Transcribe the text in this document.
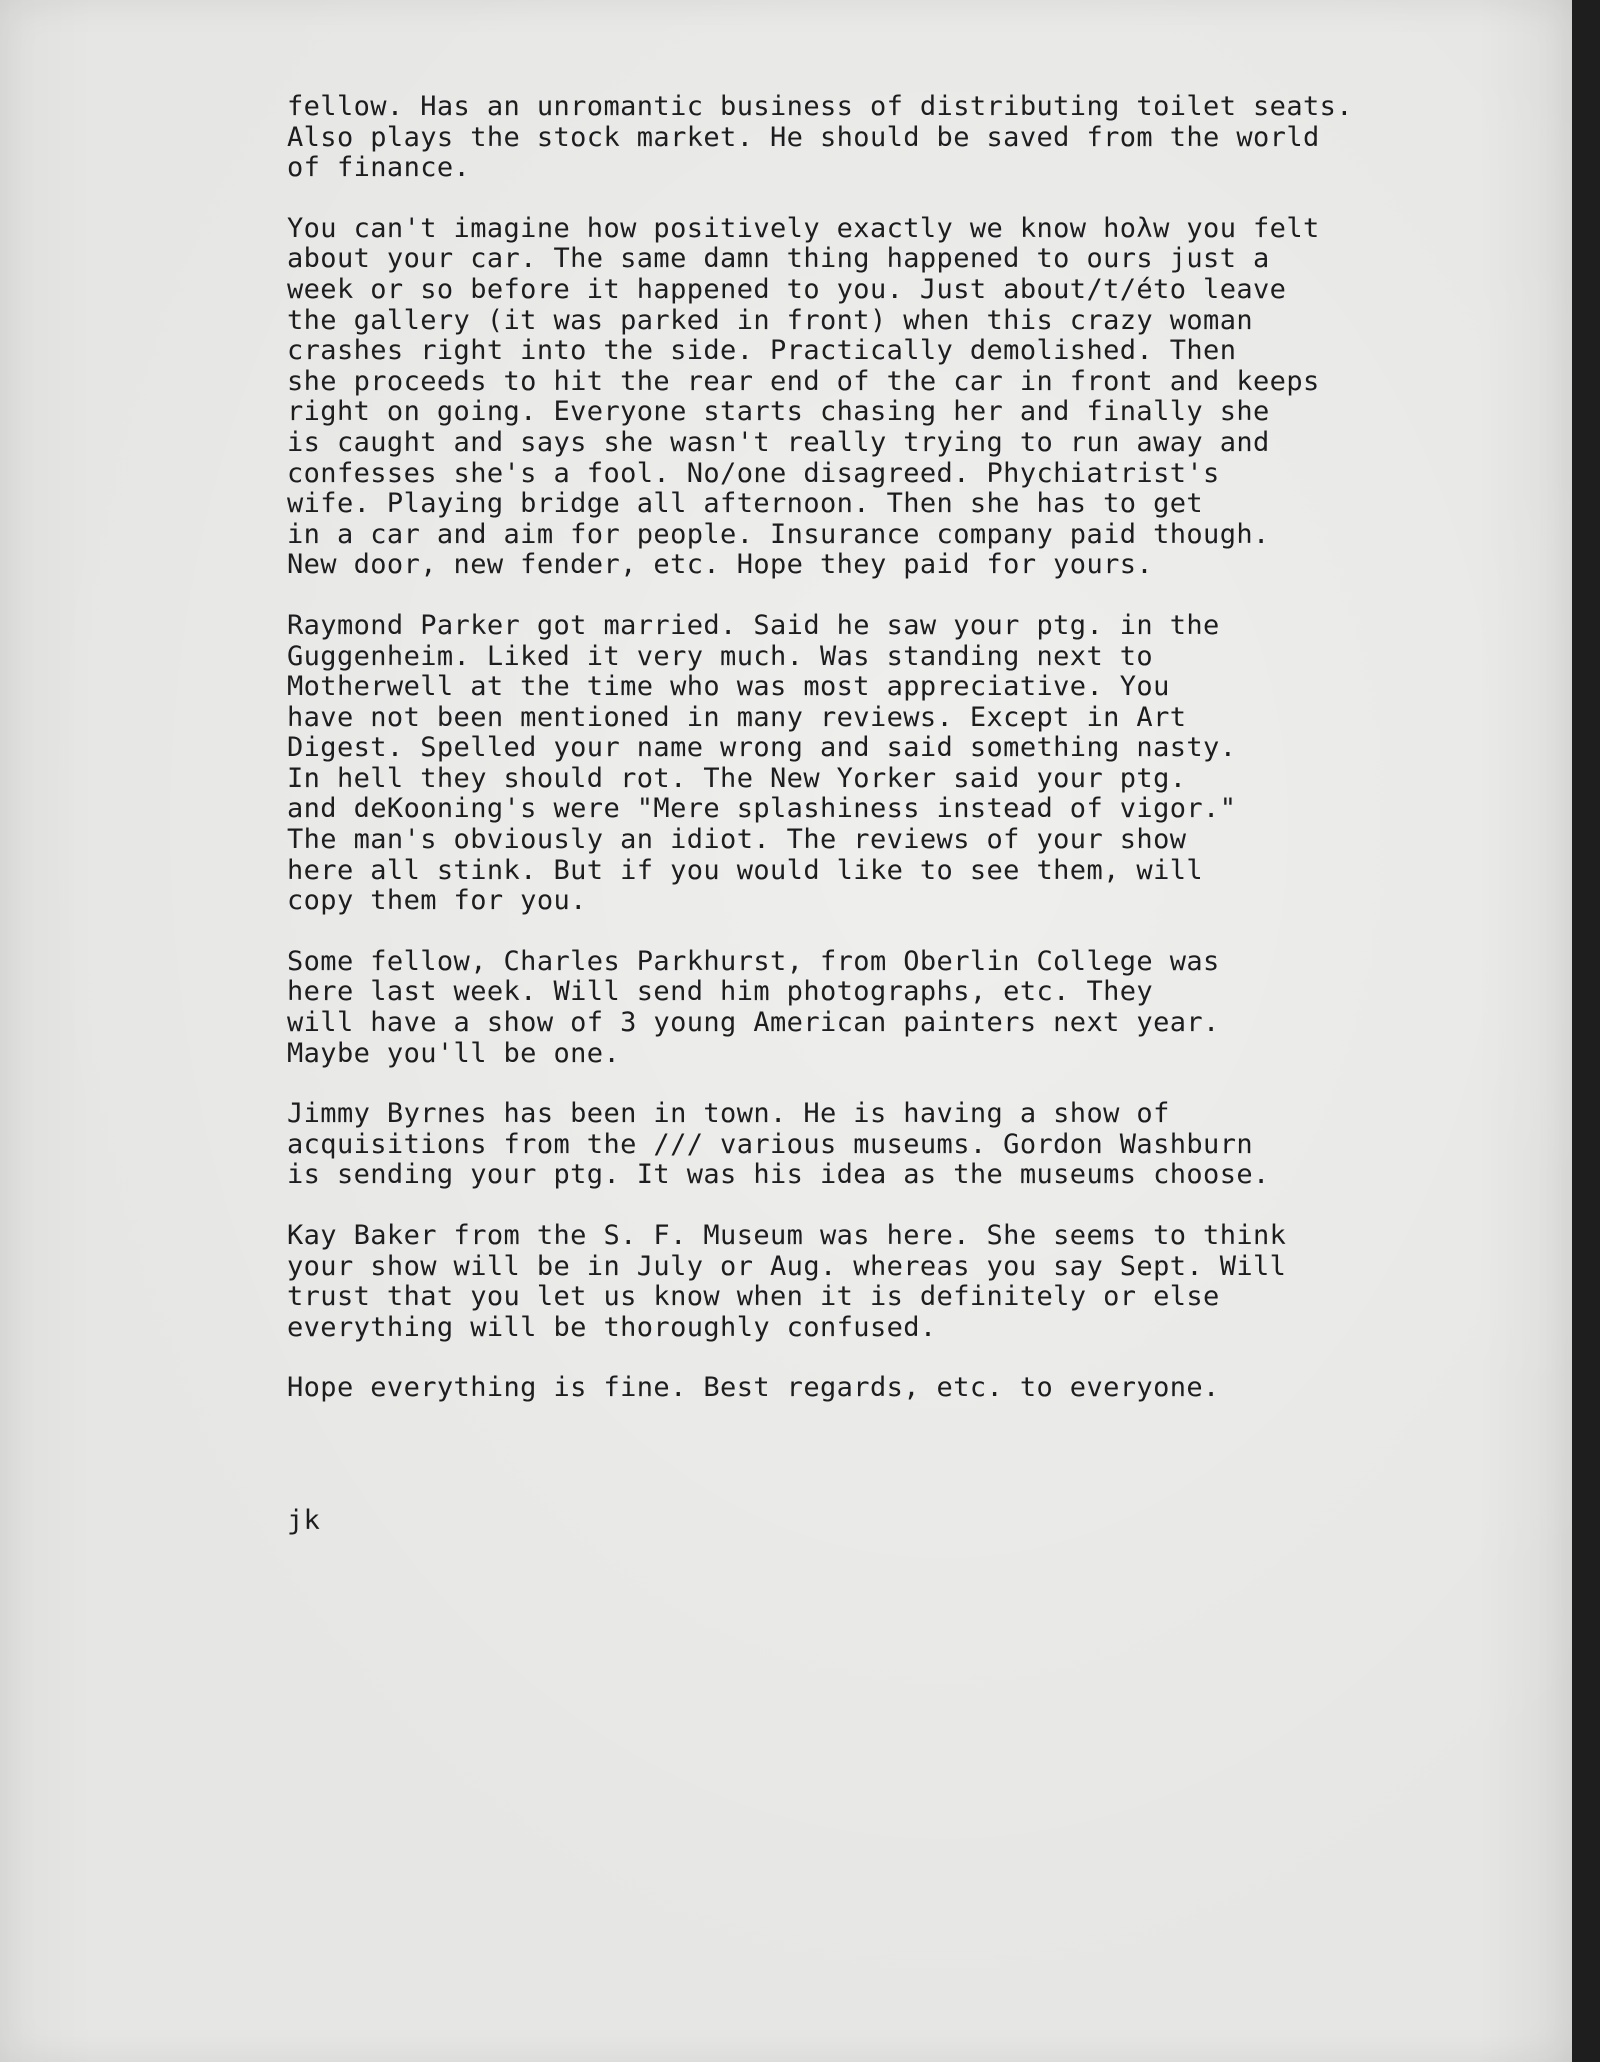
fellow. Has an unromantic business of distributing toilet seats.
Also plays the stock market. He should be saved from the world
of finance.
You can't imagine how positively exactly we know hoλw you felt
about your car. The same damn thing happened to ours just a
week or so before it happened to you. Just about/t/éto leave
the gallery (it was parked in front) when this crazy woman
crashes right into the side. Practically demolished. Then
she proceeds to hit the rear end of the car in front and keeps
right on going. Everyone starts chasing her and finally she
is caught and says she wasn't really trying to run away and
confesses she's a fool. No/one disagreed. Phychiatrist's
wife. Playing bridge all afternoon. Then she has to get
in a car and aim for people. Insurance company paid though.
New door, new fender, etc. Hope they paid for yours.
Raymond Parker got married. Said he saw your ptg. in the
Guggenheim. Liked it very much. Was standing next to
Motherwell at the time who was most appreciative. You
have not been mentioned in many reviews. Except in Art
Digest. Spelled your name wrong and said something nasty.
In hell they should rot. The New Yorker said your ptg.
and deKooning's were "Mere splashiness instead of vigor."
The man's obviously an idiot. The reviews of your show
here all stink. But if you would like to see them, will
copy them for you.
Some fellow, Charles Parkhurst, from Oberlin College was
here last week. Will send him photographs, etc. They
will have a show of 3 young American painters next year.
Maybe you'll be one.
Jimmy Byrnes has been in town. He is having a show of
acquisitions from the /// various museums. Gordon Washburn
is sending your ptg. It was his idea as the museums choose.
Kay Baker from the S. F. Museum was here. She seems to think
your show will be in July or Aug. whereas you say Sept. Will
trust that you let us know when it is definitely or else
everything will be thoroughly confused.
Hope everything is fine. Best regards, etc. to everyone.
jk
